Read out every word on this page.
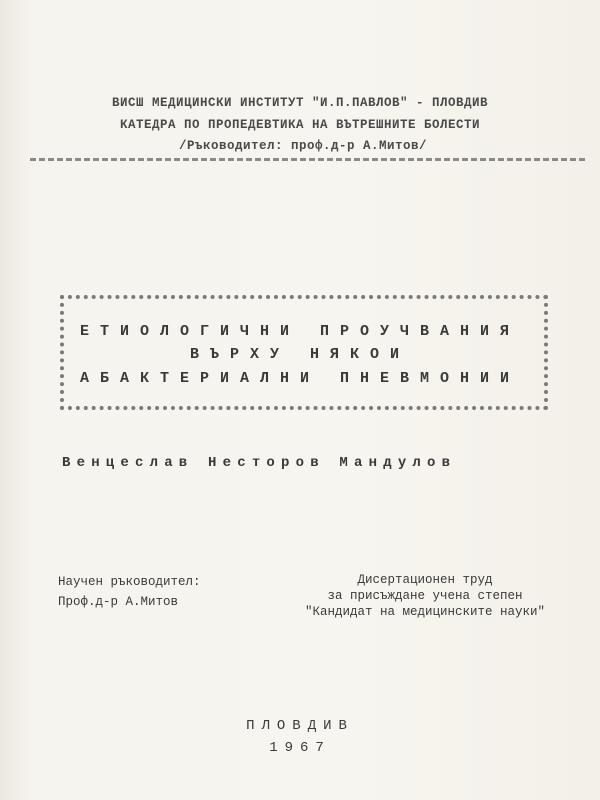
ВИСШ МЕДИЦИНСКИ ИНСТИТУТ "И.П.ПАВЛОВ" - ПЛОВДИВ
КАТЕДРА ПО ПРОПЕДЕВТИКА НА ВЪТРЕШНИТЕ БОЛЕСТИ
/Ръководител: проф.д-р А.Митов/
ЕТИОЛОГИЧНИ ПРОУЧВАНИЯ
ВЪРХУ НЯКОИ
АБАКТЕРИАЛНИ ПНЕВМОНИИ
Венцеслав Несторов Мандулов
Научен ръководител:
Проф.д-р А.Митов
Дисертационен труд
за присъждане учена степен
"Кандидат на медицинските науки"
ПЛОВДИВ
1967
